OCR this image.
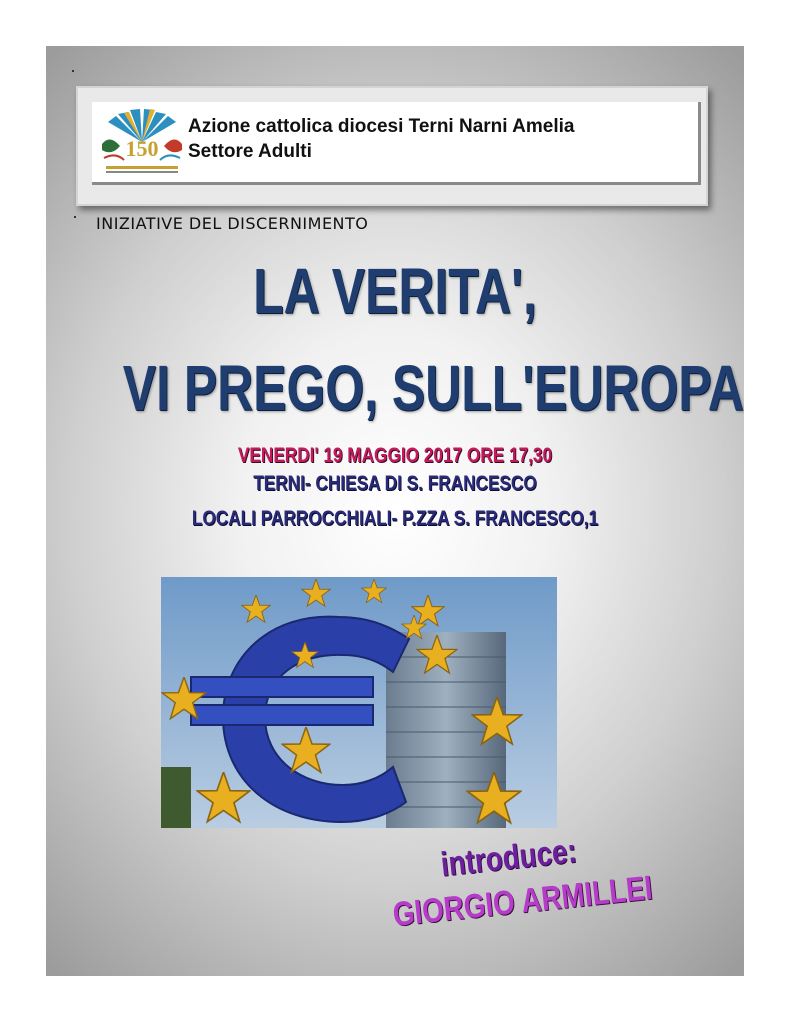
150
Azione cattolica diocesi Terni Narni Amelia
Settore Adulti
INIZIATIVE DEL DISCERNIMENTO
LA VERITA',
VI PREGO, SULL'EUROPA
VENERDI' 19 MAGGIO 2017 ORE 17,30
TERNI- CHIESA DI S. FRANCESCO
LOCALI PARROCCHIALI- P.ZZA S. FRANCESCO,1
introduce:
GIORGIO ARMILLEI
